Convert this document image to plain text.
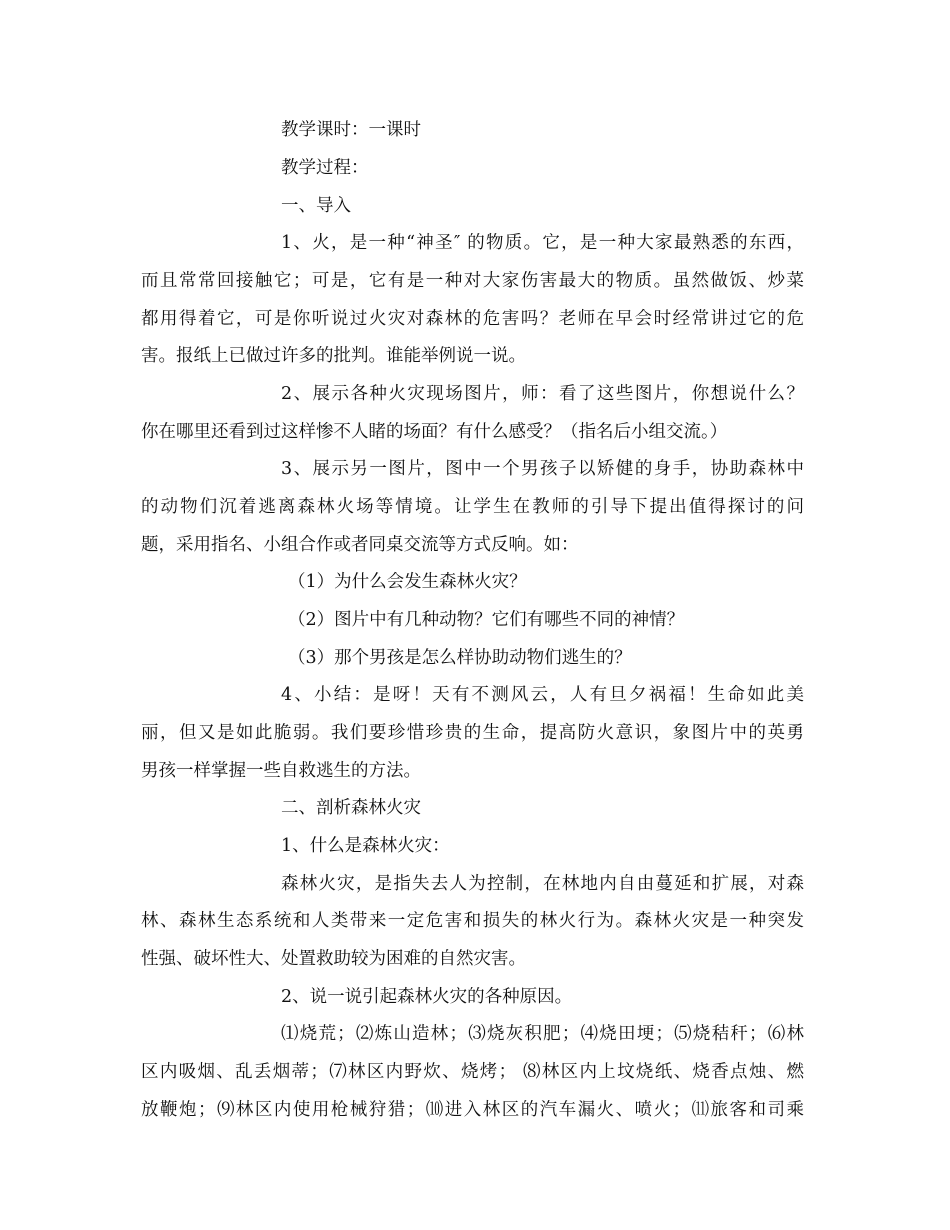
教学课时：一课时

教学过程：

一、导入

1、火，是一种“神圣″ 的物质。它，是一种大家最熟悉的东西，

而且常常回接触它；可是，它有是一种对大家伤害最大的物质。虽然做饭、炒菜

都用得着它，可是你听说过火灾对森林的危害吗？老师在早会时经常讲过它的危

害。报纸上已做过许多的批判。谁能举例说一说。

2、展示各种火灾现场图片，师：看了这些图片，你想说什么？

你在哪里还看到过这样惨不人睹的场面？有什么感受？（指名后小组交流。）

3、展示另一图片，图中一个男孩子以矫健的身手，协助森林中

的动物们沉着逃离森林火场等情境。让学生在教师的引导下提出值得探讨的问

题，采用指名、小组合作或者同桌交流等方式反响。如：

（1）为什么会发生森林火灾？

（2）图片中有几种动物？它们有哪些不同的神情？

（3）那个男孩是怎么样协助动物们逃生的？

4、小结：是呀！天有不测风云，人有旦夕祸福！生命如此美

丽，但又是如此脆弱。我们要珍惜珍贵的生命，提高防火意识，象图片中的英勇

男孩一样掌握一些自救逃生的方法。

二、剖析森林火灾

1、什么是森林火灾：

森林火灾，是指失去人为控制，在林地内自由蔓延和扩展，对森

林、森林生态系统和人类带来一定危害和损失的林火行为。森林火灾是一种突发

性强、破坏性大、处置救助较为困难的自然灾害。

2、说一说引起森林火灾的各种原因。

⑴烧荒；⑵炼山造林；⑶烧灰积肥；⑷烧田埂；⑸烧秸秆；⑹林

区内吸烟、乱丢烟蒂；⑺林区内野炊、烧烤； ⑻林区内上坟烧纸、烧香点烛、燃

放鞭炮；⑼林区内使用枪械狩猎；⑽进入林区的汽车漏火、喷火；⑾旅客和司乘
